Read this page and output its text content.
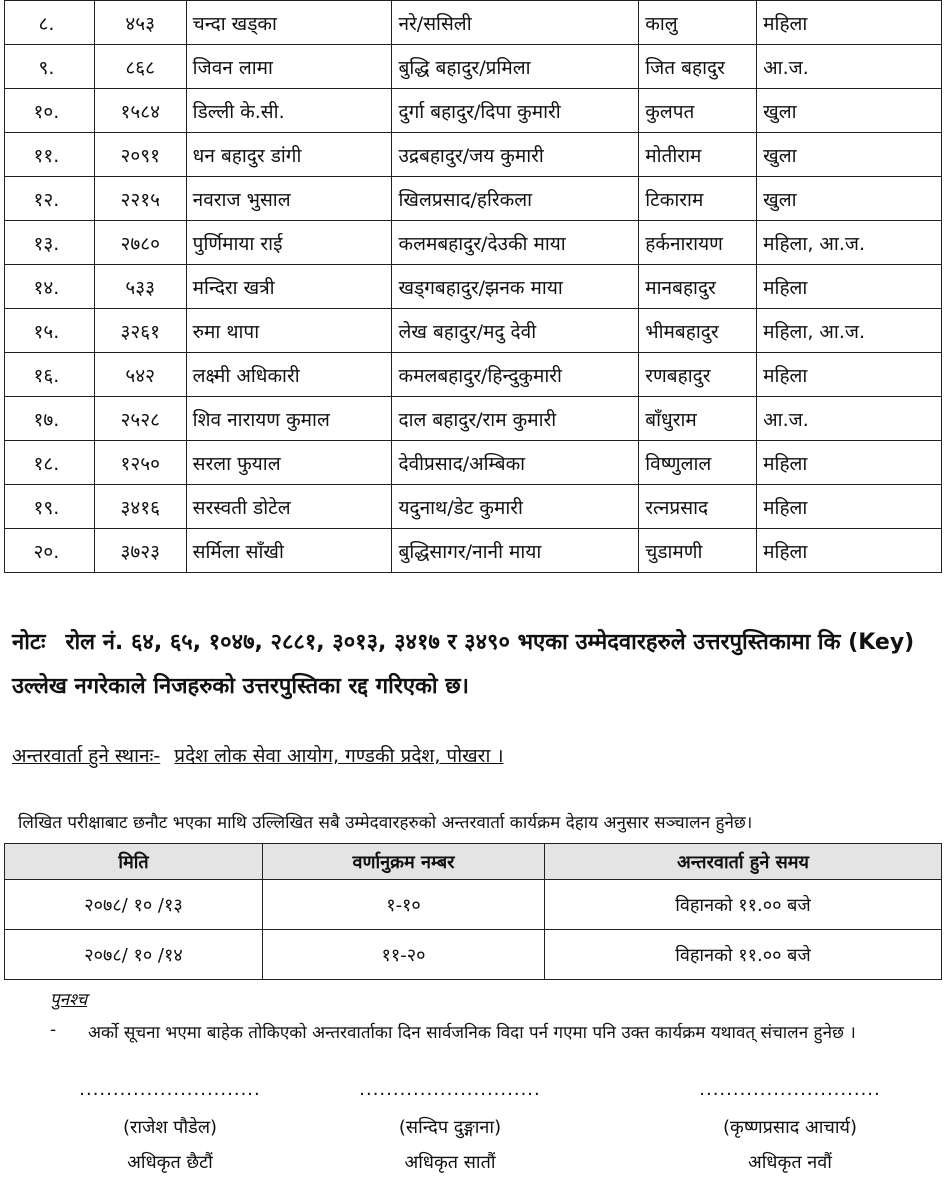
८.	४५३	चन्दा खड्का	नरे/ससिली	कालु	महिला
९.	८६८	जिवन लामा	बुद्धि बहादुर/प्रमिला	जित बहादुर	आ.ज.
१०.	१५८४	डिल्ली के.सी.	दुर्गा बहादुर/दिपा कुमारी	कुलपत	खुला
११.	२०९१	धन बहादुर डांगी	उद्रबहादुर/जय कुमारी	मोतीराम	खुला
१२.	२२१५	नवराज भुसाल	खिलप्रसाद/हरिकला	टिकाराम	खुला
१३.	२७८०	पुर्णिमाया राई	कलमबहादुर/देउकी माया	हर्कनारायण	महिला, आ.ज.
१४.	५३३	मन्दिरा खत्री	खड्गबहादुर/झनक माया	मानबहादुर	महिला
१५.	३२६१	रुमा थापा	लेख बहादुर/मदु देवी	भीमबहादुर	महिला, आ.ज.
१६.	५४२	लक्ष्मी अधिकारी	कमलबहादुर/हिन्दुकुमारी	रणबहादुर	महिला
१७.	२५२८	शिव नारायण कुमाल	दाल बहादुर/राम कुमारी	बाँधुराम	आ.ज.
१८.	१२५०	सरला फुयाल	देवीप्रसाद/अम्बिका	विष्णुलाल	महिला
१९.	३४१६	सरस्वती डोटेल	यदुनाथ/डेट कुमारी	रत्नप्रसाद	महिला
२०.	३७२३	सर्मिला साँखी	बुद्धिसागर/नानी माया	चुडामणी	महिला
नोटः रोल नं. ६४, ६५, १०४७, २८८१, ३०१३, ३४१७ र ३४९० भएका उम्मेदवारहरुले उत्तरपुस्तिकामा कि (Key) उल्लेख नगरेकाले निजहरुको उत्तरपुस्तिका रद्द गरिएको छ।
अन्तरवार्ता हुने स्थानः- प्रदेश लोक सेवा आयोग, गण्डकी प्रदेश, पोखरा ।
लिखित परीक्षाबाट छनौट भएका माथि उल्लिखित सबै उम्मेदवारहरुको अन्तरवार्ता कार्यक्रम देहाय अनुसार सञ्चालन हुनेछ।
मिति	वर्णानुक्रम नम्बर	अन्तरवार्ता हुने समय
२०७८/ १० /१३	१-१०	विहानको ११.०० बजे
२०७८/ १० /१४	११-२०	विहानको ११.०० बजे
पुनश्च
- अर्को सूचना भएमा बाहेक तोकिएको अन्तरवार्ताका दिन सार्वजनिक विदा पर्न गएमा पनि उक्त कार्यक्रम यथावत् संचालन हुनेछ ।
...........................
(राजेश पौडेल)
अधिकृत छैटौं
...........................
(सन्दिप दुङ्गाना)
अधिकृत सातौं
...........................
(कृष्णप्रसाद आचार्य)
अधिकृत नवौं
